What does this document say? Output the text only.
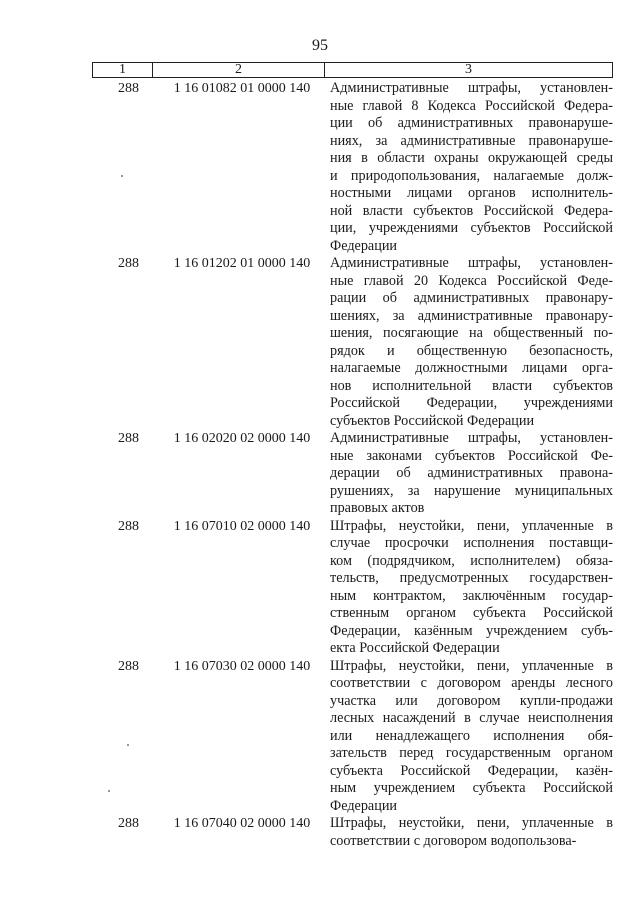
95
1	2	3
288	1 16 01082 01 0000 140	Административные штрафы, установлен-
ные главой 8 Кодекса Российской Федера-
ции об административных правонаруше-
ниях, за административные правонаруше-
ния в области охраны окружающей среды
и природопользования, налагаемые долж-
ностными лицами органов исполнитель-
ной власти субъектов Российской Федера-
ции, учреждениями субъектов Российской
Федерации
288	1 16 01202 01 0000 140	Административные штрафы, установлен-
ные главой 20 Кодекса Российской Феде-
рации об административных правонару-
шениях, за административные правонару-
шения, посягающие на общественный по-
рядок и общественную безопасность,
налагаемые должностными лицами орга-
нов исполнительной власти субъектов
Российской Федерации, учреждениями
субъектов Российской Федерации
288	1 16 02020 02 0000 140	Административные штрафы, установлен-
ные законами субъектов Российской Фе-
дерации об административных правона-
рушениях, за нарушение муниципальных
правовых актов
288	1 16 07010 02 0000 140	Штрафы, неустойки, пени, уплаченные в
случае просрочки исполнения поставщи-
ком (подрядчиком, исполнителем) обяза-
тельств, предусмотренных государствен-
ным контрактом, заключённым государ-
ственным органом субъекта Российской
Федерации, казённым учреждением субъ-
екта Российской Федерации
288	1 16 07030 02 0000 140	Штрафы, неустойки, пени, уплаченные в
соответствии с договором аренды лесного
участка или договором купли-продажи
лесных насаждений в случае неисполнения
или ненадлежащего исполнения обя-
зательств перед государственным органом
субъекта Российской Федерации, казён-
ным учреждением субъекта Российской
Федерации
288	1 16 07040 02 0000 140	Штрафы, неустойки, пени, уплаченные в
соответствии с договором водопользова-
